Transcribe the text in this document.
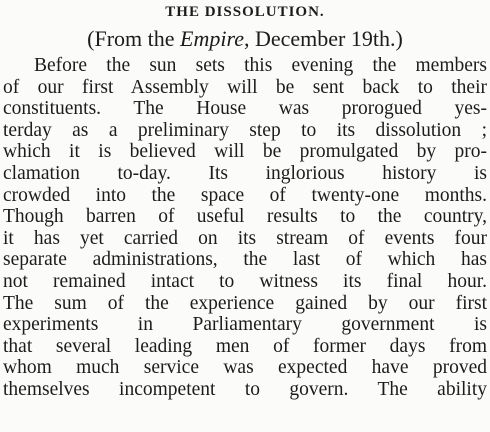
THE DISSOLUTION.
(From the Empire, December 19th.)
Before the sun sets this evening the members
of our first Assembly will be sent back to their
constituents. The House was prorogued yes-
terday as a preliminary step to its dissolution ;
which it is believed will be promulgated by pro-
clamation to-day. Its inglorious history is
crowded into the space of twenty-one months.
Though barren of useful results to the country,
it has yet carried on its stream of events four
separate administrations, the last of which has
not remained intact to witness its final hour.
The sum of the experience gained by our first
experiments in Parliamentary government is
that several leading men of former days from
whom much service was expected have proved
themselves incompetent to govern. The ability
